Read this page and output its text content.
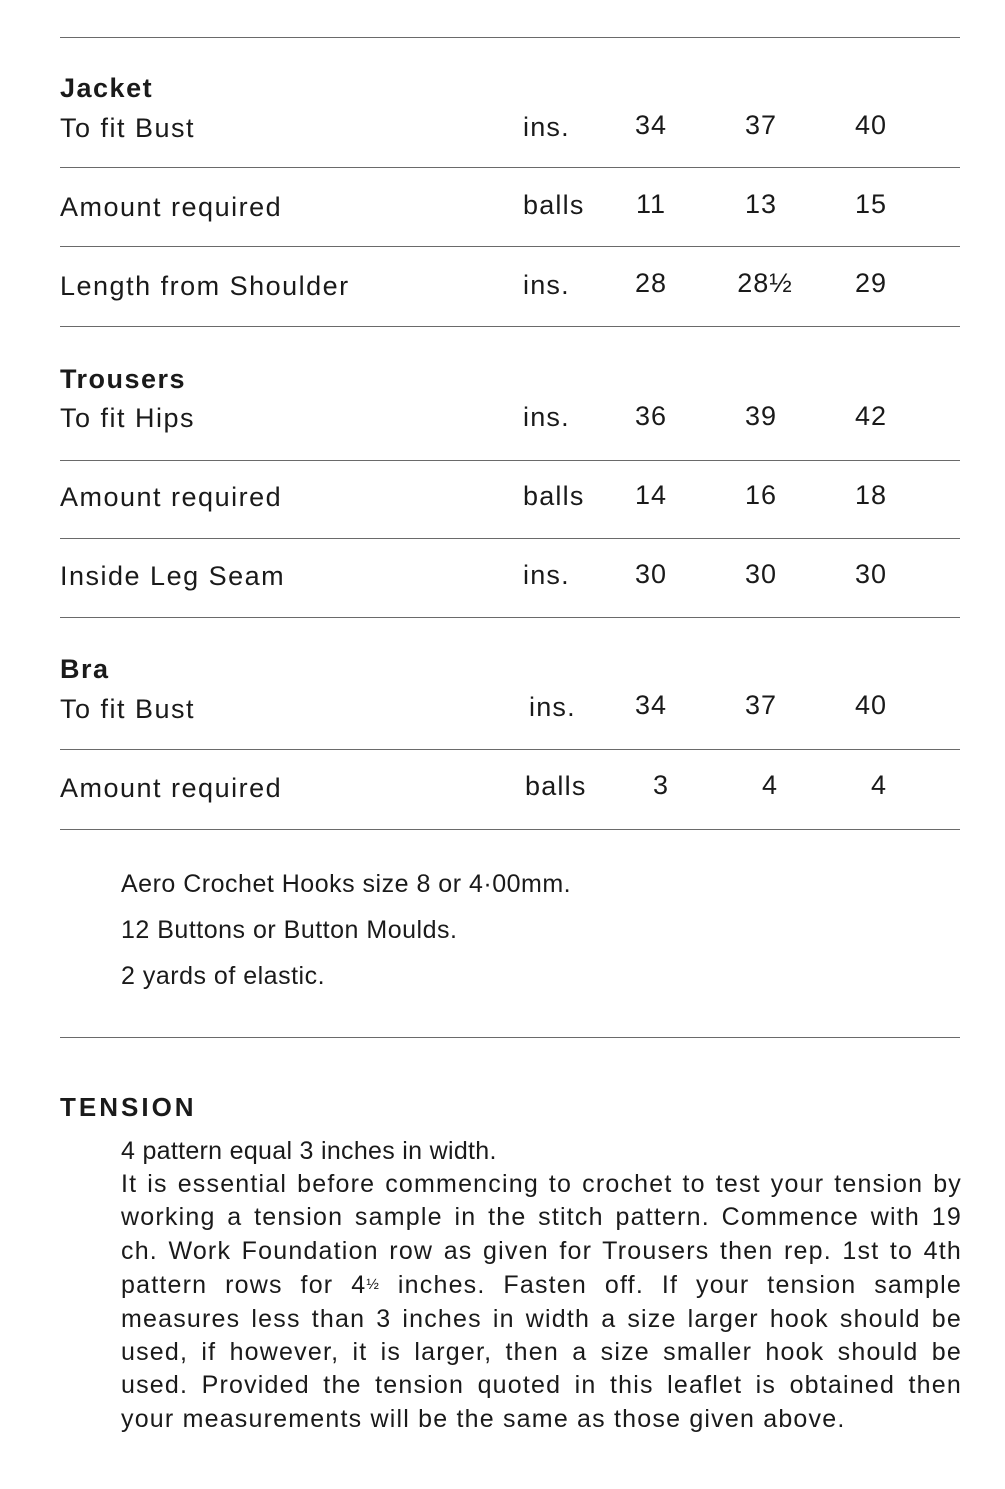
Jacket
To fit Bust	ins.	34	37	40
Amount required	balls	11	13	15
Length from Shoulder	ins.	28	28½	29
Trousers
To fit Hips	ins.	36	39	42
Amount required	balls	14	16	18
Inside Leg Seam	ins.	30	30	30
Bra
To fit Bust	ins.	34	37	40
Amount required	balls	3	4	4
Aero Crochet Hooks size 8 or 4·00mm.
12 Buttons or Button Moulds.
2 yards of elastic.
TENSION
4 pattern equal 3 inches in width.
It is essential before commencing to crochet to test your tension by working a tension sample in the stitch pattern. Commence with 19 ch. Work Foundation row as given for Trousers then rep. 1st to 4th pattern rows for 4½ inches. Fasten off. If your tension sample measures less than 3 inches in width a size larger hook should be used, if however, it is larger, then a size smaller hook should be used. Provided the tension quoted in this leaflet is obtained then your measurements will be the same as those given above.
